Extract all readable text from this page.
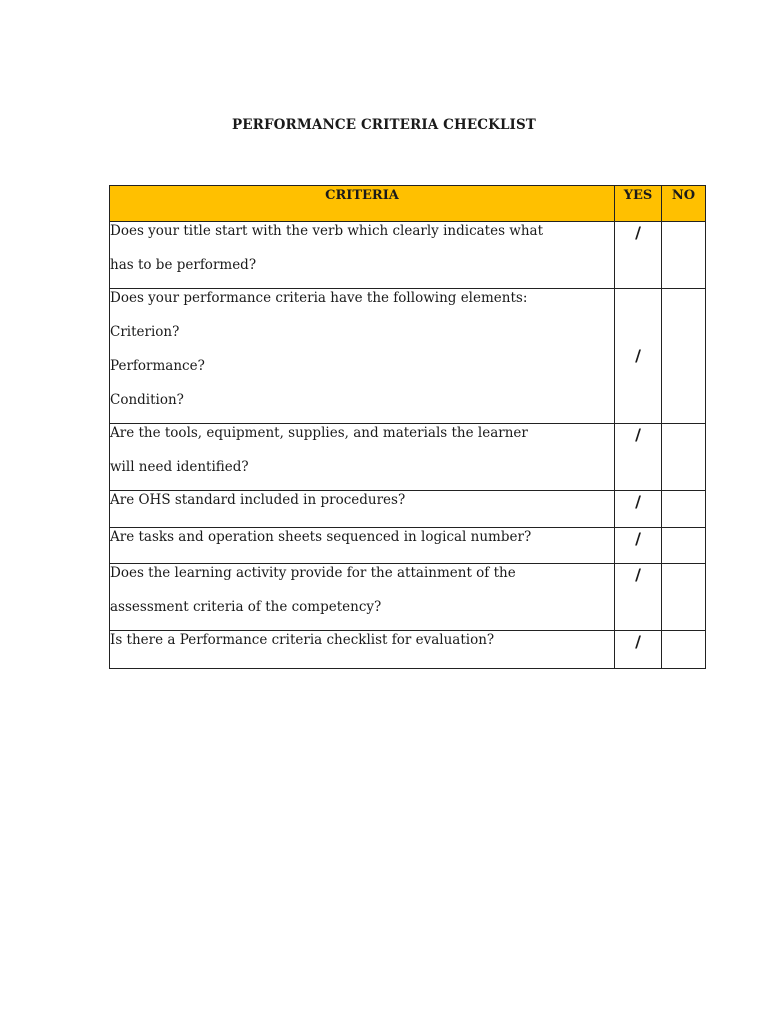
PERFORMANCE CRITERIA CHECKLIST
CRITERIA	YES	NO

Does your title start with the verb which clearly indicates what
has to be performed?	/	

Does your performance criteria have the following elements:
Criterion?
Performance?
Condition?	/	

Are the tools, equipment, supplies, and materials the learner
will need identified?	/	

Are OHS standard included in procedures?	/	

Are tasks and operation sheets sequenced in logical number?	/	

Does the learning activity provide for the attainment of the
assessment criteria of the competency?	/	

Is there a Performance criteria checklist for evaluation?	/	
